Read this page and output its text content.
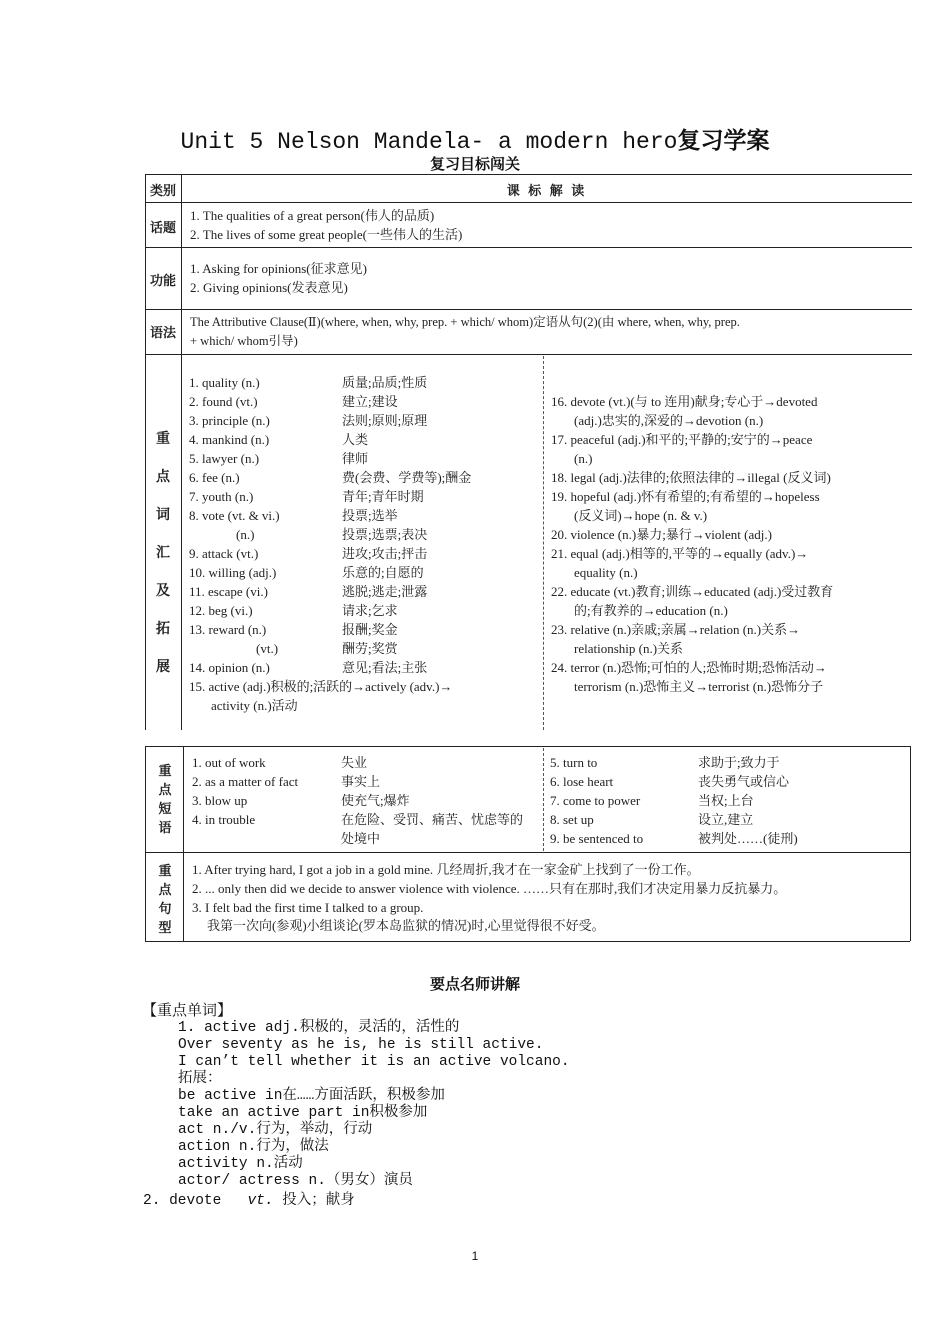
Unit 5 Nelson Mandela- a modern hero复习学案
复习目标闯关
类别	课 标 解 读
话题
1. The qualities of a great person(伟人的品质)
2. The lives of some great people(一些伟人的生活)
功能
1. Asking for opinions(征求意见)
2. Giving opinions(发表意见)
语法
The Attributive Clause(Ⅱ)(where, when, why, prep. + which/ whom)定语从句(2)(由 where, when, why, prep.
+ which/ whom引导)
重点词汇及拓展
1. quality (n.)	质量;品质;性质
2. found (vt.)	建立;建设
3. principle (n.)	法则;原则;原理
4. mankind (n.)	人类
5. lawyer (n.)	律师
6. fee (n.)	费(会费、学费等);酬金
7. youth (n.)	青年;青年时期
8. vote (vt. & vi.)	投票;选举
(n.)	投票;选票;表决
9. attack (vt.)	进攻;攻击;抨击
10. willing (adj.)	乐意的;自愿的
11. escape (vi.)	逃脱;逃走;泄露
12. beg (vi.)	请求;乞求
13. reward (n.)	报酬;奖金
(vt.)	酬劳;奖赏
14. opinion (n.)	意见;看法;主张
15. active (adj.)积极的;活跃的→actively (adv.)→
activity (n.)活动
16. devote (vt.)(与 to 连用)献身;专心于→devoted
(adj.)忠实的,深爱的→devotion (n.)
17. peaceful (adj.)和平的;平静的;安宁的→peace
(n.)
18. legal (adj.)法律的;依照法律的→illegal (反义词)
19. hopeful (adj.)怀有希望的;有希望的→hopeless
(反义词)→hope (n. & v.)
20. violence (n.)暴力;暴行→violent (adj.)
21. equal (adj.)相等的,平等的→equally (adv.)→
equality (n.)
22. educate (vt.)教育;训练→educated (adj.)受过教育
的;有教养的→education (n.)
23. relative (n.)亲戚;亲属→relation (n.)关系→
relationship (n.)关系
24. terror (n.)恐怖;可怕的人;恐怖时期;恐怖活动→
terrorism (n.)恐怖主义→terrorist (n.)恐怖分子
重点短语
1. out of work	失业
2. as a matter of fact	事实上
3. blow up	使充气;爆炸
4. in trouble	在危险、受罚、痛苦、忧虑等的
处境中
5. turn to	求助于;致力于
6. lose heart	丧失勇气或信心
7. come to power	当权;上台
8. set up	设立,建立
9. be sentenced to	被判处……(徒刑)
重点句型
1. After trying hard, I got a job in a gold mine. 几经周折,我才在一家金矿上找到了一份工作。
2. ... only then did we decide to answer violence with violence. ……只有在那时,我们才决定用暴力反抗暴力。
3. I felt bad the first time I talked to a group.
我第一次向(参观)小组谈论(罗本岛监狱的情况)时,心里觉得很不好受。
要点名师讲解
【重点单词】
1. active adj.积极的，灵活的，活性的
Over seventy as he is, he is still active.
I can’t tell whether it is an active volcano.
拓展：
be active in在……方面活跃，积极参加
take an active part in积极参加
act n./v.行为，举动，行动
action n.行为，做法
activity n.活动
actor/ actress n.（男女）演员
2. devote vt. 投入；献身
1
